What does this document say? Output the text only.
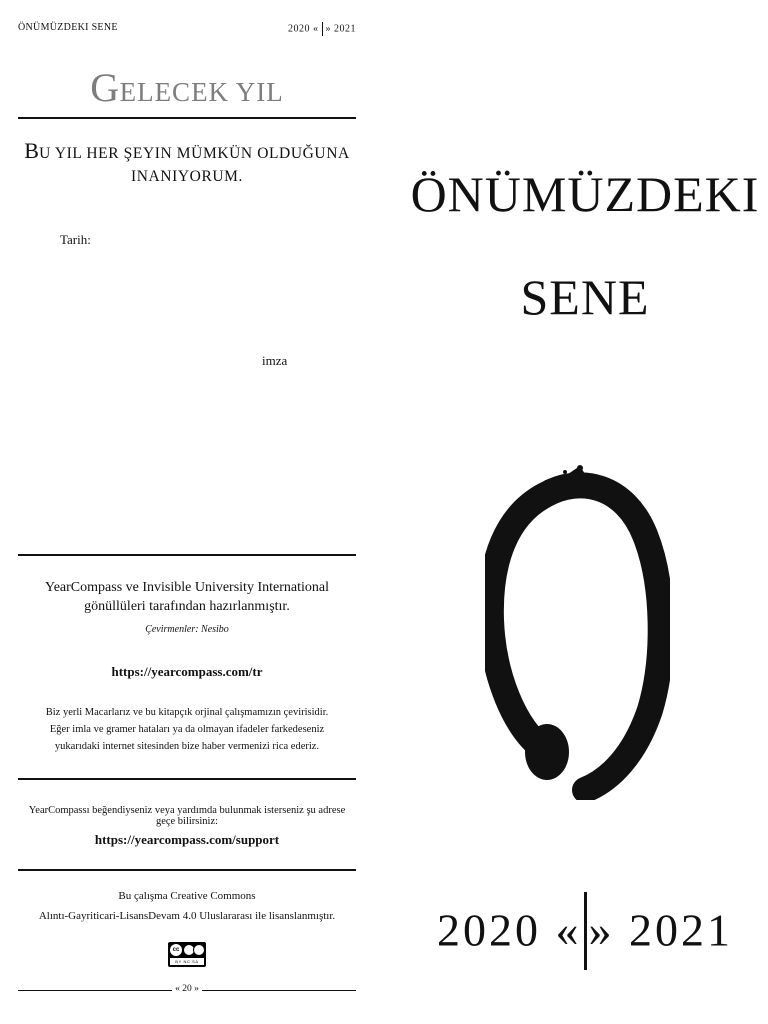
ÖNÜMÜZDEKI SENE	2020 « » 2021
GELECEK YIL
BU YIL HER ŞEYIN MÜMKÜN OLDUĞUNA INANIYORUM.
Tarih:
imza
YearCompass ve Invisible University International
gönüllüleri tarafından hazırlanmıştır.
Çevirmenler: Nesibo
https://yearcompass.com/tr
Biz yerli Macarlarız ve bu kitapçık orjinal çalışmamızın çevirisidir.
Eğer imla ve gramer hataları ya da olmayan ifadeler farkedeseniz
yukarıdaki internet sitesinden bize haber vermenizi rica ederiz.
YearCompassı beğendiyseniz veya yardımda bulunmak isterseniz şu adrese geçe bilirsiniz:
https://yearcompass.com/support
Bu çalışma Creative Commons
Alıntı-Gayriticari-LisansDevam 4.0 Uluslararası ile lisanslanmıştır.
cc
BY NC SA
« 20 »
ÖNÜMÜZDEKI
SENE
2020 « » 2021
